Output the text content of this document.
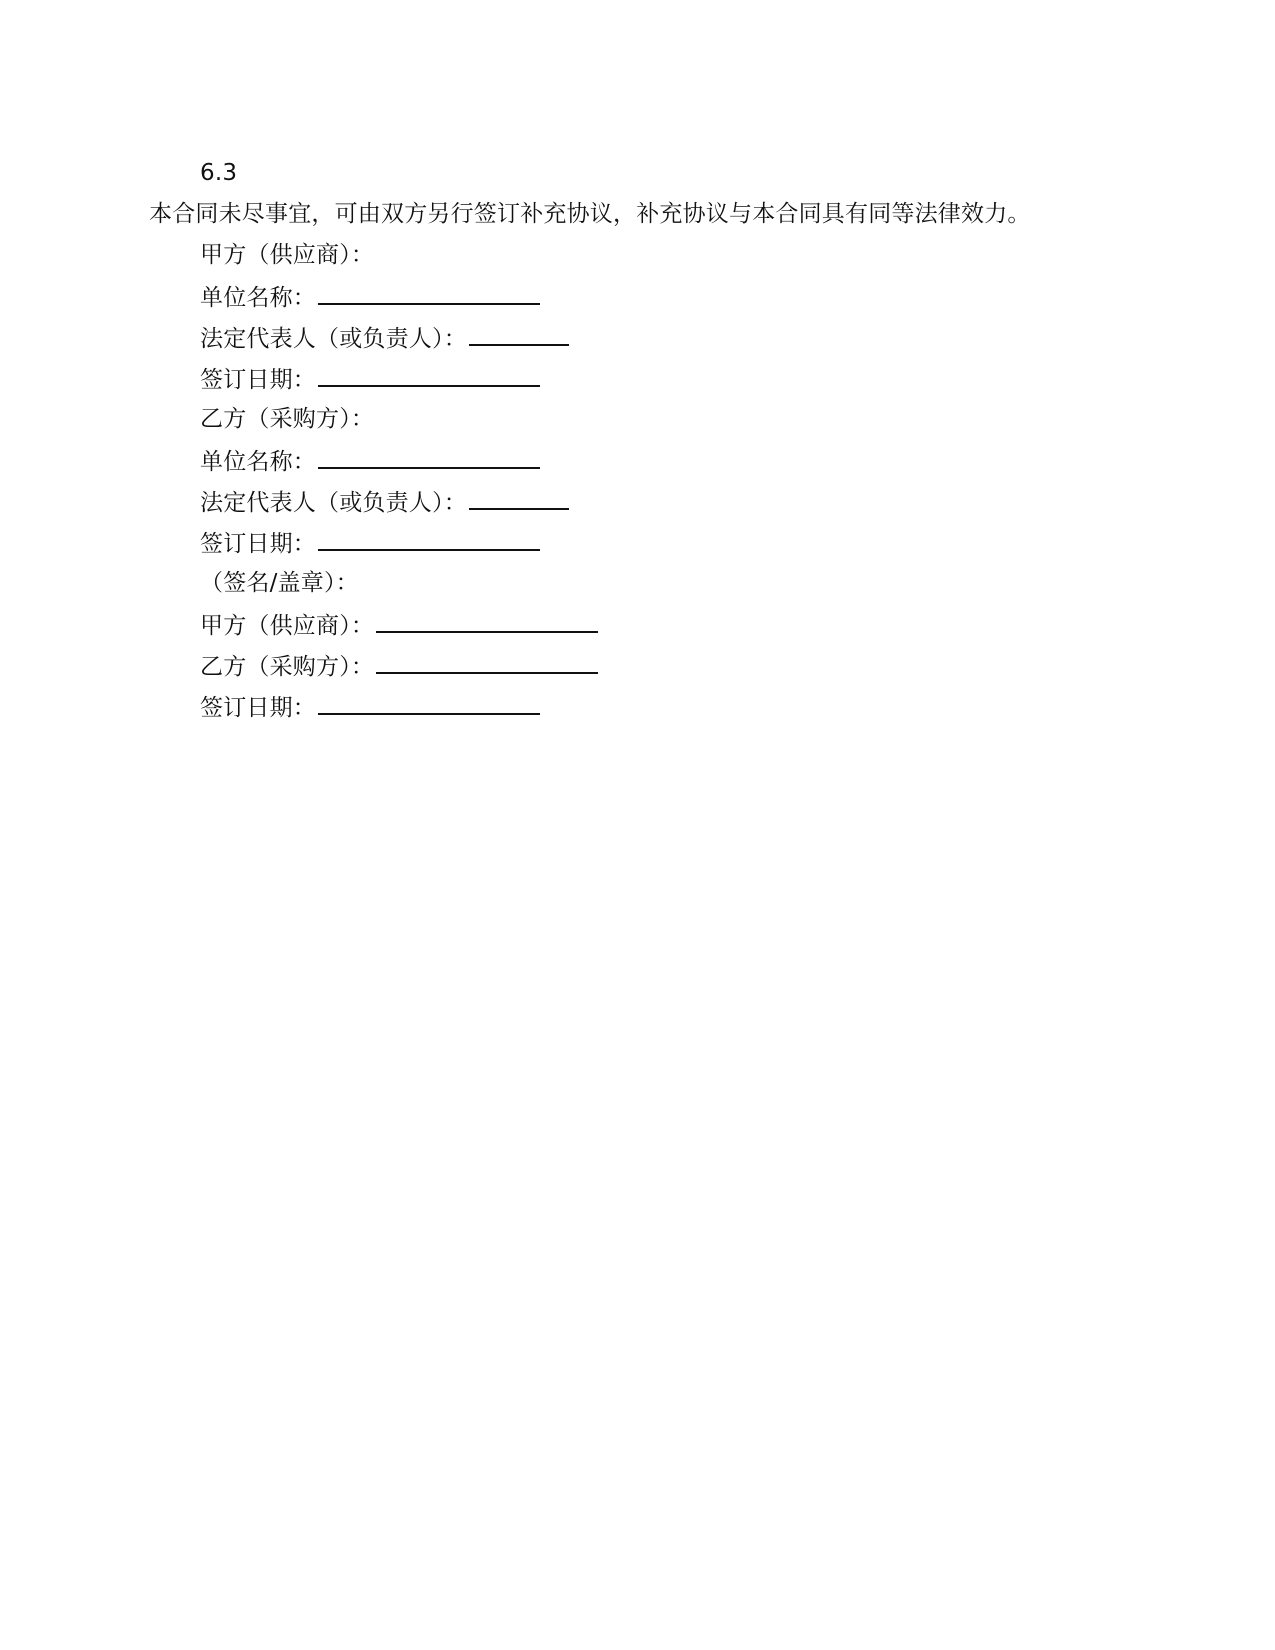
6.3
本合同未尽事宜，可由双方另行签订补充协议，补充协议与本合同具有同等法律效力。
甲方（供应商）：
单位名称：
法定代表人（或负责人）：
签订日期：
乙方（采购方）：
单位名称：
法定代表人（或负责人）：
签订日期：
（签名/盖章）：
甲方（供应商）：
乙方（采购方）：
签订日期：
